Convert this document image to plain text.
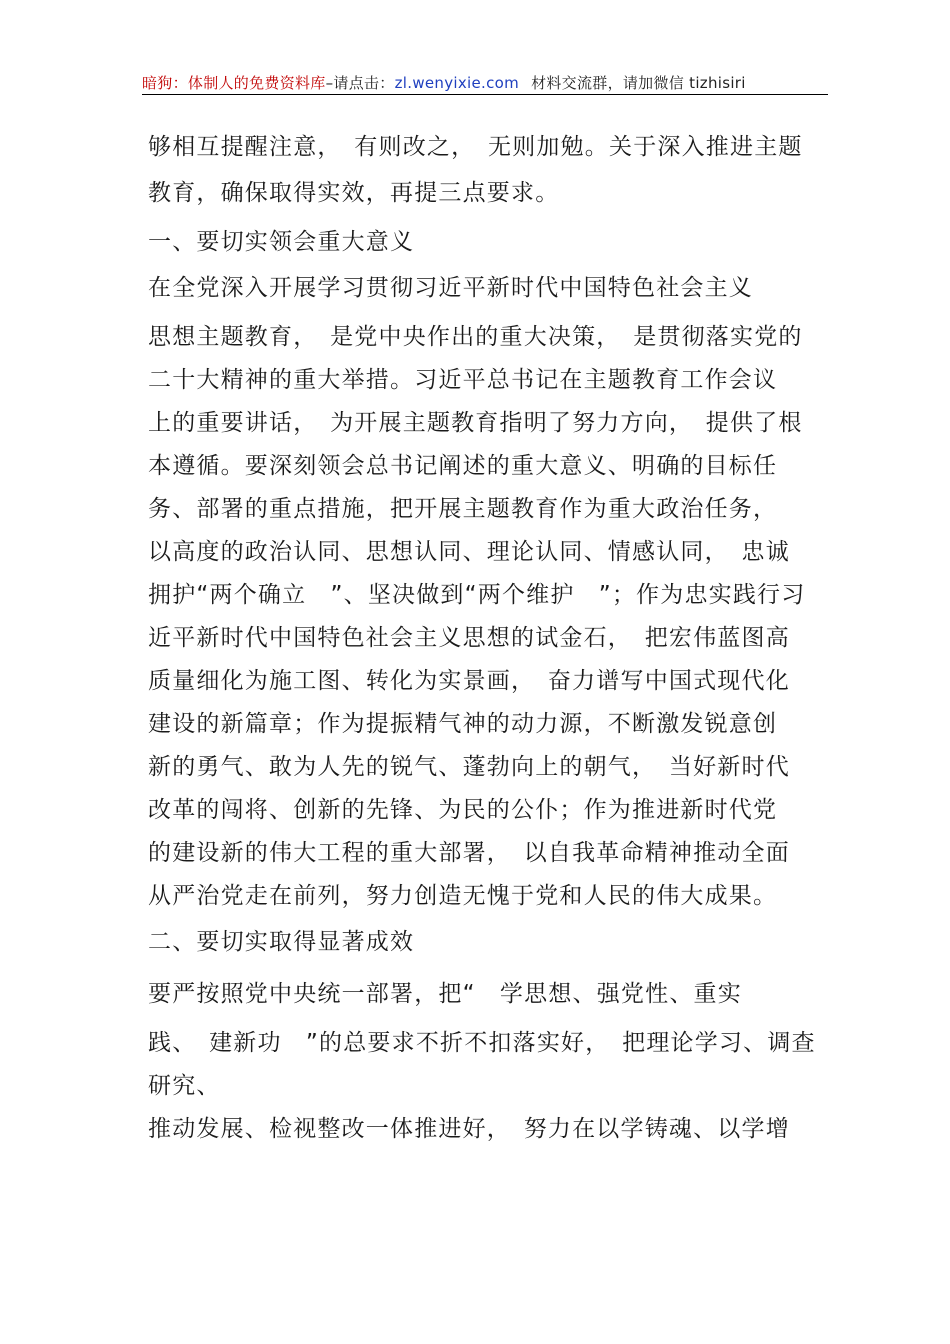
暗狗：体制人的免费资料库–请点击：zl.wenyixie.com 材料交流群，请加微信 tizhisiri
够相互提醒注意，　有则改之，　无则加勉。关于深入推进主题
教育，确保取得实效，再提三点要求。
一、要切实领会重大意义
在全党深入开展学习贯彻习近平新时代中国特色社会主义
思想主题教育，　是党中央作出的重大决策，　是贯彻落实党的
二十大精神的重大举措。习近平总书记在主题教育工作会议
上的重要讲话，　为开展主题教育指明了努力方向，　提供了根
本遵循。要深刻领会总书记阐述的重大意义、明确的目标任
务、部署的重点措施，把开展主题教育作为重大政治任务，
以高度的政治认同、思想认同、理论认同、情感认同，　忠诚
拥护“两个确立　”、坚决做到“两个维护　”；作为忠实践行习
近平新时代中国特色社会主义思想的试金石，　把宏伟蓝图高
质量细化为施工图、转化为实景画，　奋力谱写中国式现代化
建设的新篇章；作为提振精气神的动力源，不断激发锐意创
新的勇气、敢为人先的锐气、蓬勃向上的朝气，　当好新时代
改革的闯将、创新的先锋、为民的公仆；作为推进新时代党
的建设新的伟大工程的重大部署，　以自我革命精神推动全面
从严治党走在前列，努力创造无愧于党和人民的伟大成果。
二、要切实取得显著成效
要严按照党中央统一部署，把“　学思想、强党性、重实
践、　建新功　”的总要求不折不扣落实好，　把理论学习、调查
研究、
推动发展、检视整改一体推进好，　努力在以学铸魂、以学增
